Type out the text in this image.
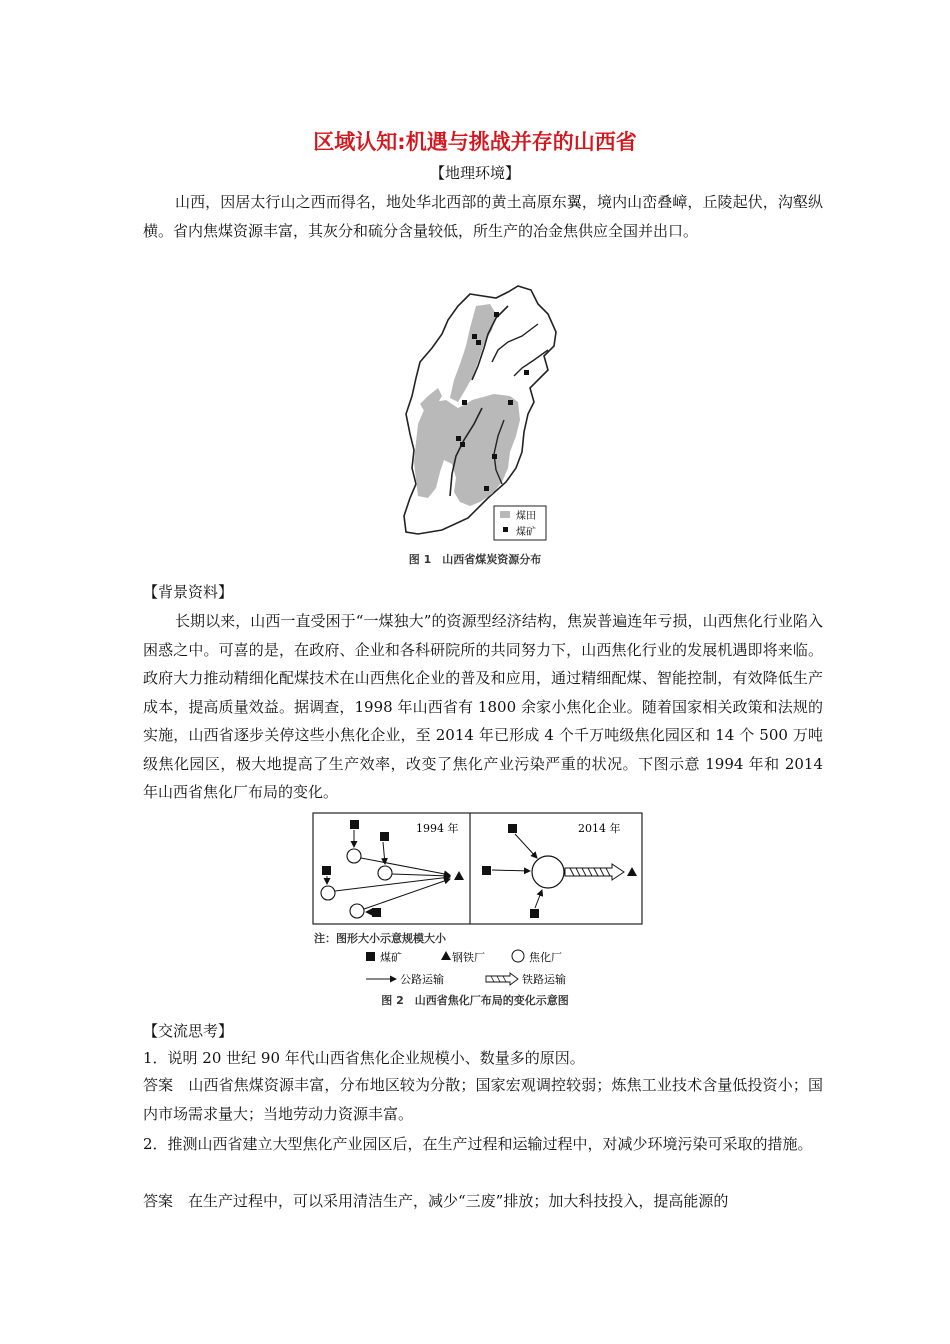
区域认知:机遇与挑战并存的山西省
【地理环境】

山西，因居太行山之西而得名，地处华北西部的黄土高原东翼，境内山峦叠嶂，丘陵起伏，沟壑纵横。省内焦煤资源丰富，其灰分和硫分含量较低，所生产的冶金焦供应全国并出口。

煤田
煤矿
图 1　山西省煤炭资源分布
【背景资料】

长期以来，山西一直受困于“一煤独大”的资源型经济结构，焦炭普遍连年亏损，山西焦化行业陷入困惑之中。可喜的是，在政府、企业和各科研院所的共同努力下，山西焦化行业的发展机遇即将来临。政府大力推动精细化配煤技术在山西焦化企业的普及和应用，通过精细配煤、智能控制，有效降低生产成本，提高质量效益。据调查，1998 年山西省有 1800 余家小焦化企业。随着国家相关政策和法规的实施，山西省逐步关停这些小焦化企业，至 2014 年已形成 4 个千万吨级焦化园区和 14 个 500 万吨级焦化园区，极大地提高了生产效率，改变了焦化产业污染严重的状况。下图示意 1994 年和 2014 年山西省焦化厂布局的变化。

1994 年	2014 年
注：图形大小示意规模大小
煤矿	钢铁厂	焦化厂
公路运输	铁路运输
图 2　山西省焦化厂布局的变化示意图
【交流思考】

1．说明 20 世纪 90 年代山西省焦化企业规模小、数量多的原因。

答案　山西省焦煤资源丰富，分布地区较为分散；国家宏观调控较弱；炼焦工业技术含量低投资小；国内市场需求量大；当地劳动力资源丰富。

2．推测山西省建立大型焦化产业园区后，在生产过程和运输过程中，对减少环境污染可采取的措施。

答案　在生产过程中，可以采用清洁生产，减少“三废”排放；加大科技投入，提高能源的
